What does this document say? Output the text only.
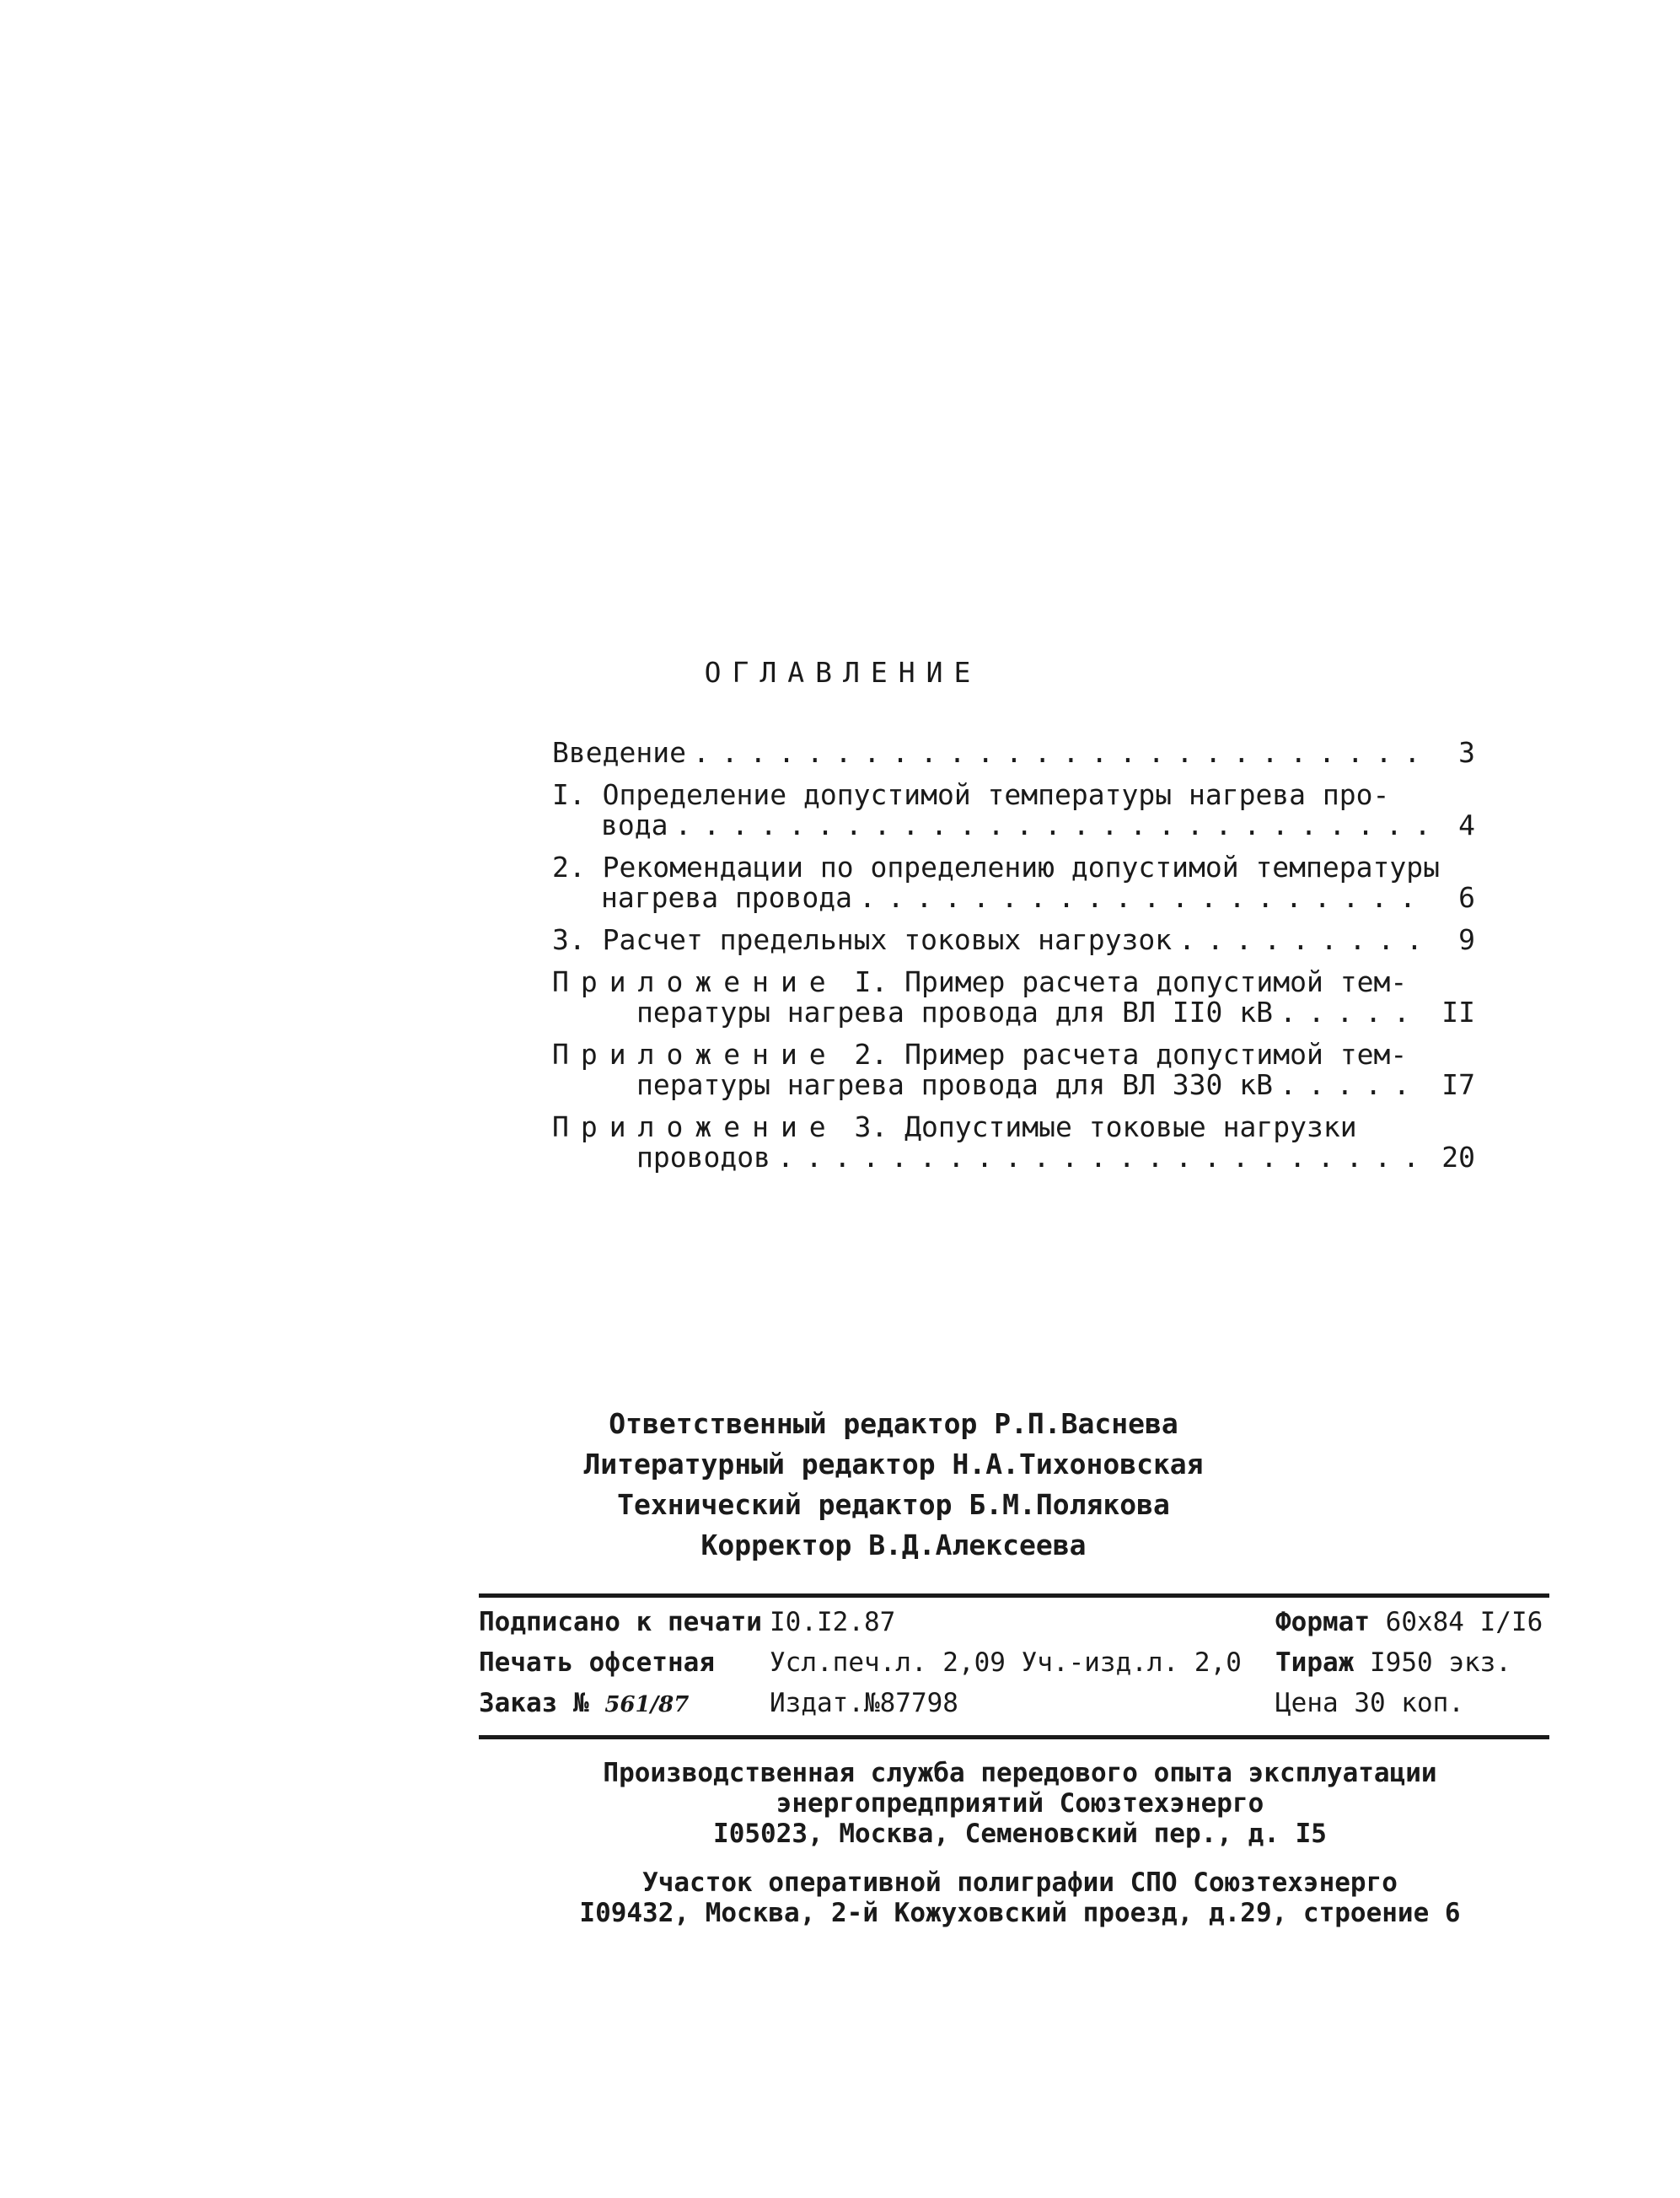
ОГЛАВЛЕНИЕ
Введение . . .	3
I. Определение допустимой температуры нагрева про-
вода . . .	4
2. Рекомендации по определению допустимой температуры
нагрева провода . . .	6
3. Расчет предельных токовых нагрузок . . .	9
Приложение I. Пример расчета допустимой тем-
пературы нагрева провода для ВЛ II0 кВ . . .	II
Приложение 2. Пример расчета допустимой тем-
пературы нагрева провода для ВЛ 330 кВ . . .	I7
Приложение 3. Допустимые токовые нагрузки
проводов . . .	20
Ответственный редактор Р.П.Васнева
Литературный редактор Н.А.Тихоновская
Технический редактор Б.М.Полякова
Корректор В.Д.Алексеева
Подписано к печати I0.I2.87	Формат 60x84 I/I6
Печать офсетная	Усл.печ.л. 2,09 Уч.-изд.л. 2,0	Тираж I950 экз.
Заказ № 561/87	Издат.№87798	Цена 30 коп.
Производственная служба передового опыта эксплуатации
энергопредприятий Союзтехэнерго
I05023, Москва, Семеновский пер., д. I5
Участок оперативной полиграфии СПО Союзтехэнерго
I09432, Москва, 2-й Кожуховский проезд, д.29, строение 6
